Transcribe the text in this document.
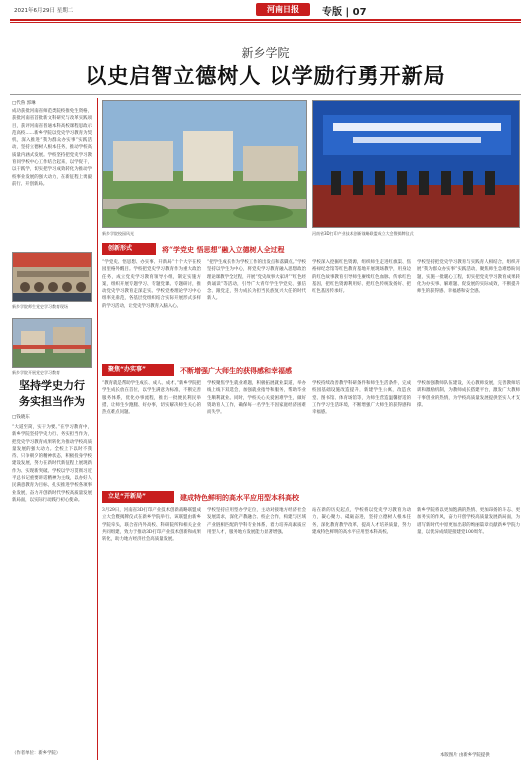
2021年6月29日 星期二	河南日报	专版 | 07
新乡学院
以史启智立德树人 以学励行勇开新局
□代鲁 郭琳
成功获批河南省师范类院校推免生资格，获批河南省首批新文科研究与改革实践项目，获评河南省普通本科高校课程思政示范高校……新乡学院以党史学习教育为契机，深入推进“我为群众办实事”实践活动，坚持立德树人根本任务，推动学校高质量内涵式发展。学校坚持把党史学习教育同学校中心工作结合起来，以学促干，以干践学，切实把学习成效转化为推动学校事业发展的强大动力，在新征程上勇毅前行、开创新局。
新乡学院师生党史学习教育现场
新乡学院开展党史学习教育
坚持学史力行
务实担当作为
□钱晓东
“大道至简，实干为要。”在学习教育中，新乡学院坚持学史力行、务实担当作为，把党史学习教育成果转化为推动学校高质量发展的强大动力。全校上下以时不我待、只争朝夕的精神状态，积极投身学校建设发展，努力在新时代新征程上展现新作为、实现新突破。学校以学习贯彻习近平总书记重要讲话精神为主线，以办好人民满意教育为目标，扎实推进学校各项事业发展，奋力开创新时代学校高质量发展新局面，以实际行动践行初心使命。
（作者单位：新乡学院）
新乡学院校园风光	河南省3D打印产业技术创新战略联盟成立大会暨揭牌仪式
创新形式	将“学党史 悟思想”融入立德树人全过程
“学党史、悟思想、办实事、开新局”十个大字在校园里格外醒目。学校把党史学习教育作为重大政治任务，成立党史学习教育领导小组，制定实施方案，组织开展专题学习、专题党课、专题研讨，推动党史学习教育走深走实。学校党委理论学习中心组率先垂范，各基层党组织结合实际开展形式多样的学习活动，让党史学习教育入脑入心。
“把学生成长作为学校工作的出发点和落脚点。”学校坚持以学生为中心，将党史学习教育融入思想政治理论课教学全过程，开展“党史故事大家讲”“红色经典诵读”等活动，引导广大青年学生学党史、强信念、跟党走，努力成长为担当民族复兴大任的时代新人。
学校深入挖掘红色资源，组织师生走进红旗渠、焦裕禄纪念馆等红色教育基地开展现场教学，用身边的红色故事教育引导师生赓续红色血脉、传承红色基因，把红色资源利用好、把红色传统发扬好、把红色基因传承好。
学校坚持把党史学习教育与实践育人相结合，组织开展“我为群众办实事”实践活动，聚焦师生急难愁盼问题，实施一批暖心工程，切实把党史学习教育成果转化为办实事、解难题、促发展的实际成效，不断提升师生的获得感、幸福感和安全感。
聚焦“办实事”	不断增强广大师生的获得感和幸福感
“教育就是帮助学生成长、成人、成才。”新乡学院把学生成长放在首位，以学生满意为标准，不断完善服务体系，优化办事流程，推出一批便民利民举措，让师生少跑腿、好办事，切实解决师生关心的热点难点问题。
学校聚焦学生就业难题，积极拓展就业渠道，举办线上线下双选会，加强就业指导和服务，帮助毕业生顺利就业。同时，学校关心关爱困难学生，做好资助育人工作，确保每一名学生不因家庭经济困难而失学。
学校持续改善教学科研条件和师生生活条件，完成校园基础设施改造提升，新建学生公寓，改造食堂、图书馆、体育场馆等，为师生营造温馨舒适的工作学习生活环境，不断增强广大师生的获得感和幸福感。
学校加强教师队伍建设，关心教师发展，完善教师培训和激励机制，为教师成长搭建平台，激发广大教师干事创业的热情，为学校高质量发展提供坚实人才支撑。
立足“开新局”	建成特色鲜明的高水平应用型本科高校
3月29日，河南省3D打印产业技术创新战略联盟成立大会暨揭牌仪式在新乡学院举行。该联盟由新乡学院牵头，联合省内外高校、科研院所和相关企业共同组建，致力于推动3D打印产业技术创新和成果转化，助力地方经济社会高质量发展。
学校坚持应用型办学定位，主动对接地方经济社会发展需求，深化产教融合、校企合作，构建与区域产业链相匹配的学科专业体系，着力培养高素质应用型人才，服务地方发展能力显著增强。
站在新的历史起点，学校将以党史学习教育为动力，凝心聚力、砥砺奋进，坚持立德树人根本任务，深化教育教学改革，提高人才培养质量，努力建成特色鲜明的高水平应用型本科高校。
新乡学院将以更加饱满的热情、更加昂扬的斗志、更加务实的作风，奋力开创学校高质量发展新局面，为谱写新时代中原更加出彩的绚丽篇章贡献新乡学院力量，以优异成绩迎接建党100周年。
本版图片 由新乡学院提供
